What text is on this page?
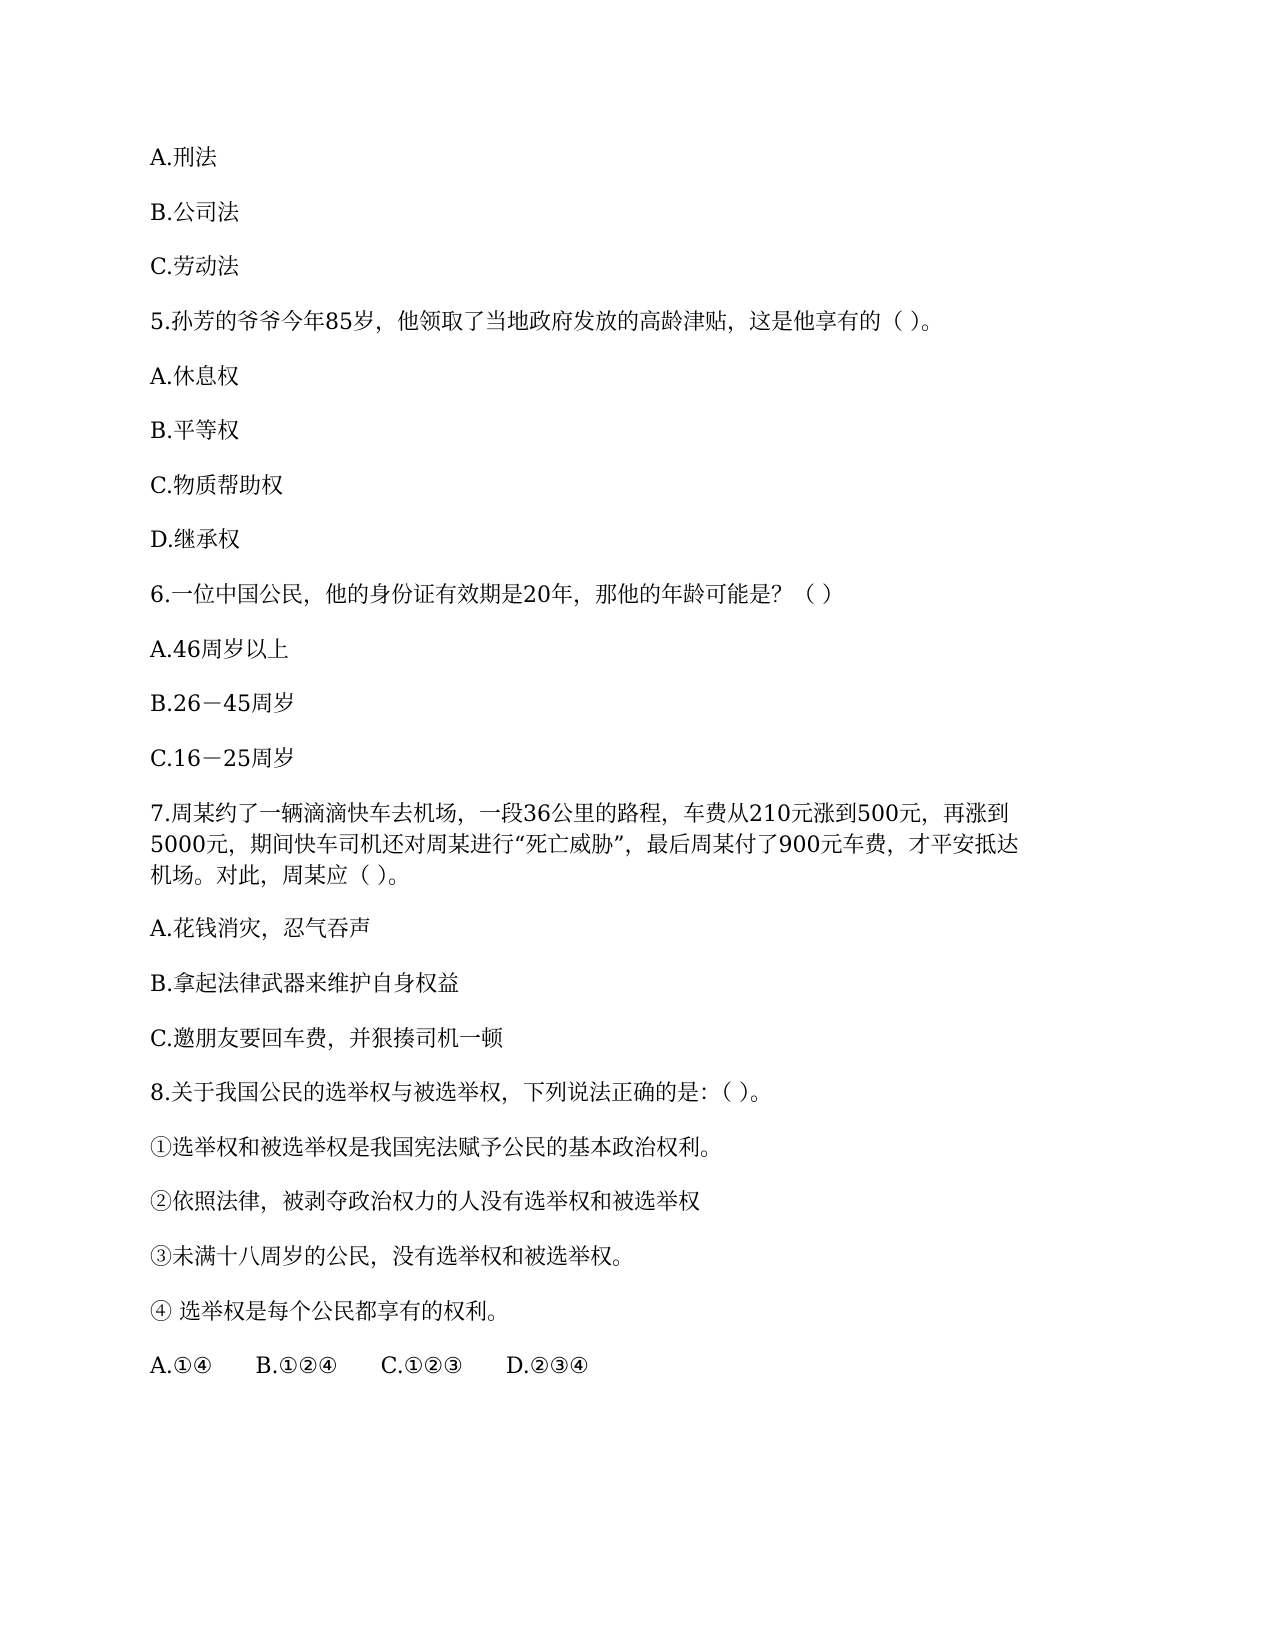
A.刑法
B.公司法
C.劳动法
5.孙芳的爷爷今年85岁，他领取了当地政府发放的高龄津贴，这是他享有的（ ）。
A.休息权
B.平等权
C.物质帮助权
D.继承权
6.一位中国公民，他的身份证有效期是20年，那他的年龄可能是？（ ）
A.46周岁以上
B.26－45周岁
C.16－25周岁
7.周某约了一辆滴滴快车去机场，一段36公里的路程，车费从210元涨到500元，再涨到
5000元，期间快车司机还对周某进行“死亡威胁”，最后周某付了900元车费，才平安抵达
机场。对此，周某应（ ）。
A.花钱消灾，忍气吞声
B.拿起法律武器来维护自身权益
C.邀朋友要回车费，并狠揍司机一顿
8.关于我国公民的选举权与被选举权，下列说法正确的是：（ ）。
①选举权和被选举权是我国宪法赋予公民的基本政治权利。
②依照法律，被剥夺政治权力的人没有选举权和被选举权
③未满十八周岁的公民，没有选举权和被选举权。
④ 选举权是每个公民都享有的权利。
A.①④ B.①②④ C.①②③ D.②③④
